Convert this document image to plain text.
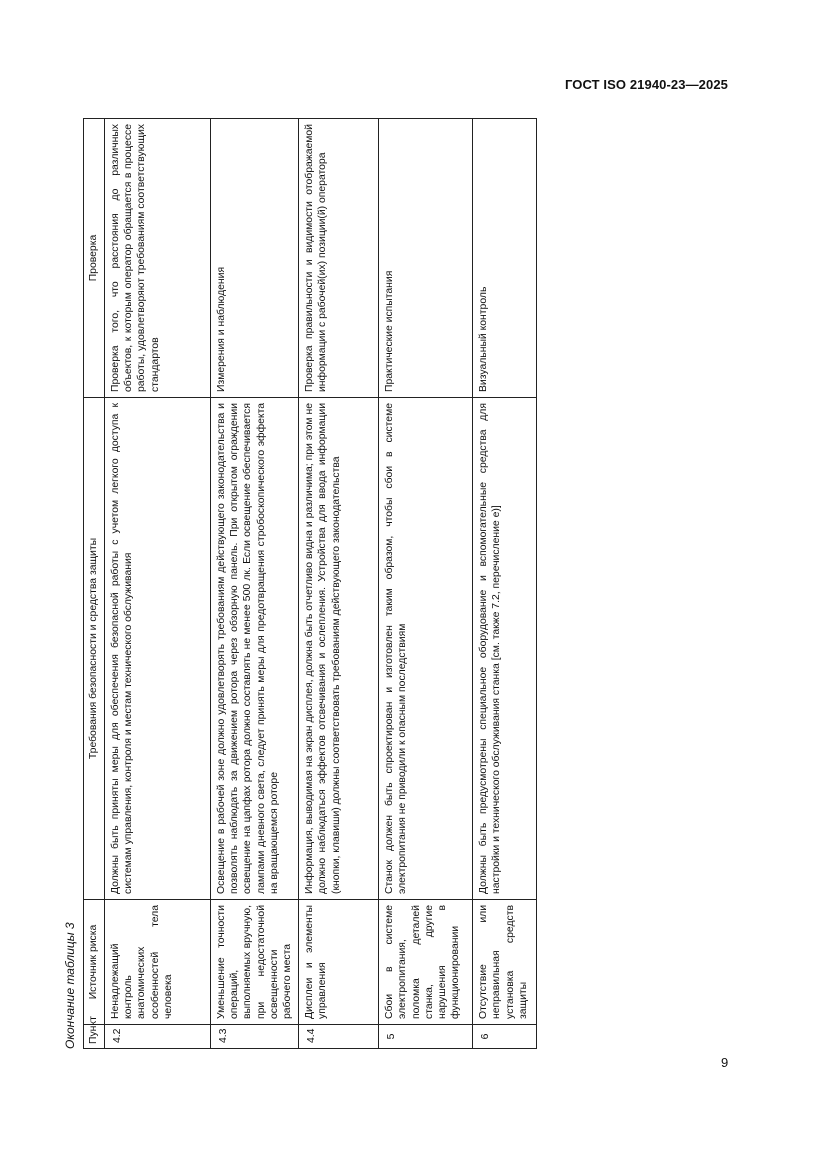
ГОСТ ISO 21940-23—2025
Окончание таблицы 3 Пункт	Источник риска	Требования безопасности и средства защиты	Проверка
4.2	Ненадлежащий контроль анатомических особенностей тела человека	Должны быть приняты меры для обеспечения безопасной работы с учетом легкого доступа к системам управления, контроля и местам технического обслуживания	Проверка того, что расстояния до различных объектов, к которым оператор обращается в процессе работы, удовлетворяют требованиям соответствующих стандартов
4.3	Уменьшение точности операций, выполняемых вручную, при недостаточной освещенности рабочего места	Освещение в рабочей зоне должно удовлетворять требованиям действующего законодательства и позволять наблюдать за движением ротора через обзорную панель. При открытом ограждении освещение на цапфах ротора должно составлять не менее 500 лк. Если освещение обеспечивается лампами дневного света, следует принять меры для предотвращения стробоскопического эффекта на вращающемся роторе	Измерения и наблюдения
4.4	Дисплеи и элементы управления	Информация, выводимая на экран дисплея, должна быть отчетливо видна и различима; при этом не должно наблюдаться эффектов отсвечивания и ослепления. Устройства для ввода информации (кнопки, клавиши) должны соответствовать требованиям действующего законодательства	Проверка правильности и видимости отображаемой информации с рабочей(их) позиции(й) оператора
5	Сбои в системе электропитания, поломка деталей станка, другие нарушения в функционировании	Станок должен быть спроектирован и изготовлен таким образом, чтобы сбои в системе электропитания не приводили к опасным последствиям	Практические испытания
6	Отсутствие или неправильная установка средств защиты	Должны быть предусмотрены специальное оборудование и вспомогательные средства для настройки и технического обслуживания станка [см. также 7.2, перечисление е)]	Визуальный контроль
9
